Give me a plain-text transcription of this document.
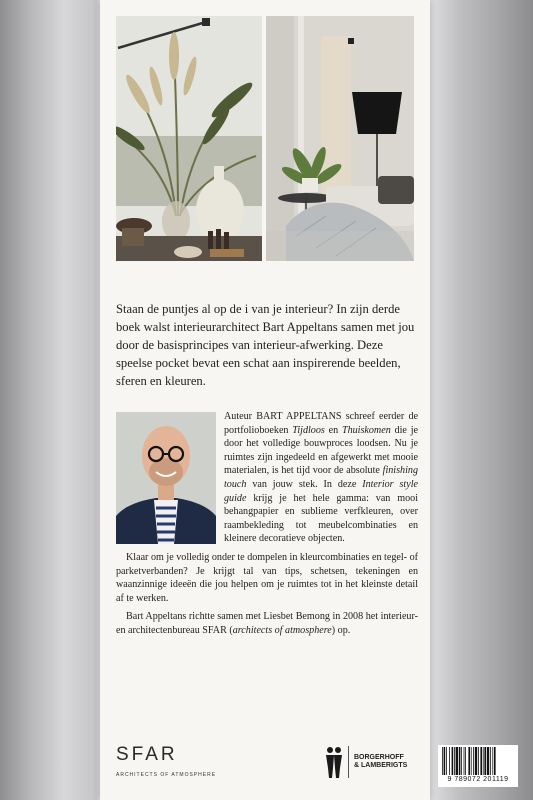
Staan de puntjes al op de i van je interieur? In zijn derde boek walst interieurarchitect Bart Appeltans samen met jou door de basisprincipes van interieur-afwerking. Deze speelse pocket bevat een schat aan inspirerende beelden, sferen en kleuren.

Auteur BART APPELTANS schreef eerder de portfolioboeken Tijdloos en Thuiskomen die je door het volledige bouwproces loodsen. Nu je ruimtes zijn ingedeeld en afgewerkt met mooie materialen, is het tijd voor de absolute finishing touch van jouw stek. In deze Interior style guide krijg je het hele gamma: van mooi behangpapier en sublieme verfkleuren, over raambekleding tot meubelcombinaties en kleinere decoratieve objecten.

Klaar om je volledig onder te dompelen in kleurcombinaties en tegel- of parketverbanden? Je krijgt tal van tips, schetsen, tekeningen en waanzinnige ideeën die jou helpen om je ruimtes tot in het kleinste detail af te werken.

Bart Appeltans richtte samen met Liesbet Bemong in 2008 het interieur- en architectenbureau SFAR (architects of atmosphere) op.

SFAR
ARCHITECTS OF ATMOSPHERE
BORGERHOFF
& LAMBERIGTS
9 789072 201119
